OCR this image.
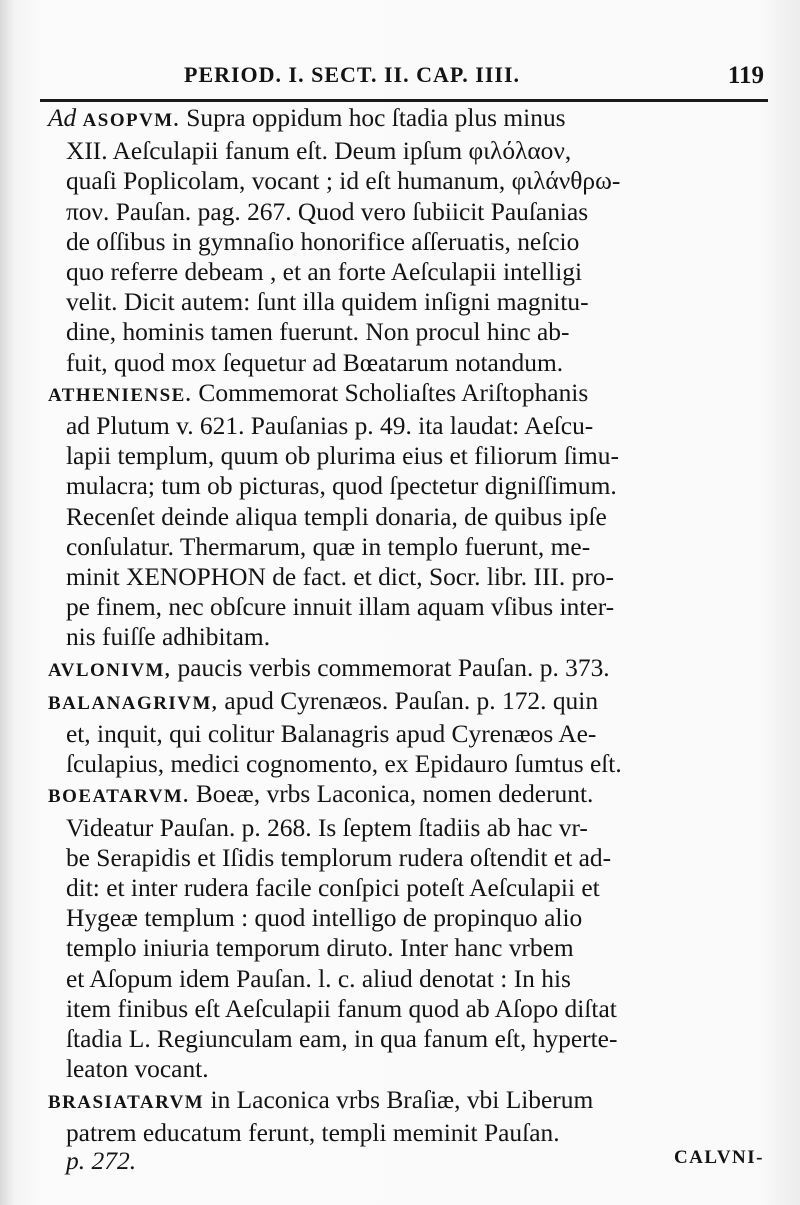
PERIOD. I. SECT. II. CAP. IIII.	119
Ad ASOPVM. Supra oppidum hoc ſtadia plus minus
XII. Aeſculapii fanum eſt. Deum ipſum φιλόλαον,
quaſi Poplicolam, vocant ; id eſt humanum, φιλάνθρω-
πον. Pauſan. pag. 267. Quod vero ſubiicit Pauſanias
de oſſibus in gymnaſio honorifice aſſeruatis, neſcio
quo referre debeam , et an forte Aeſculapii intelligi
velit. Dicit autem: ſunt illa quidem inſigni magnitu-
dine, hominis tamen fuerunt. Non procul hinc ab-
fuit, quod mox ſequetur ad Bœatarum notandum.
ATHENIENSE. Commemorat Scholiaſtes Ariſtophanis
ad Plutum v. 621. Pauſanias p. 49. ita laudat: Aeſcu-
lapii templum, quum ob plurima eius et filiorum ſimu-
mulacra; tum ob picturas, quod ſpectetur digniſſimum.
Recenſet deinde aliqua templi donaria, de quibus ipſe
conſulatur. Thermarum, quæ in templo fuerunt, me-
minit XENOPHON de fact. et dict, Socr. libr. III. pro-
pe finem, nec obſcure innuit illam aquam vſibus inter-
nis fuiſſe adhibitam.
AVLONIVM, paucis verbis commemorat Pauſan. p. 373.
BALANAGRIVM, apud Cyrenæos. Pauſan. p. 172. quin
et, inquit, qui colitur Balanagris apud Cyrenæos Ae-
ſculapius, medici cognomento, ex Epidauro ſumtus eſt.
BOEATARVM. Boeæ, vrbs Laconica, nomen dederunt.
Videatur Pauſan. p. 268. Is ſeptem ſtadiis ab hac vr-
be Serapidis et Iſidis templorum rudera oſtendit et ad-
dit: et inter rudera facile conſpici poteſt Aeſculapii et
Hygeæ templum : quod intelligo de propinquo alio
templo iniuria temporum diruto. Inter hanc vrbem
et Aſopum idem Pauſan. l. c. aliud denotat : In his
item finibus eſt Aeſculapii fanum quod ab Aſopo diſtat
ſtadia L. Regiunculam eam, in qua fanum eſt, hyperte-
leaton vocant.
BRASIATARVM in Laconica vrbs Braſiæ, vbi Liberum
patrem educatum ferunt, templi meminit Pauſan.
p. 272.	CALVNI-
